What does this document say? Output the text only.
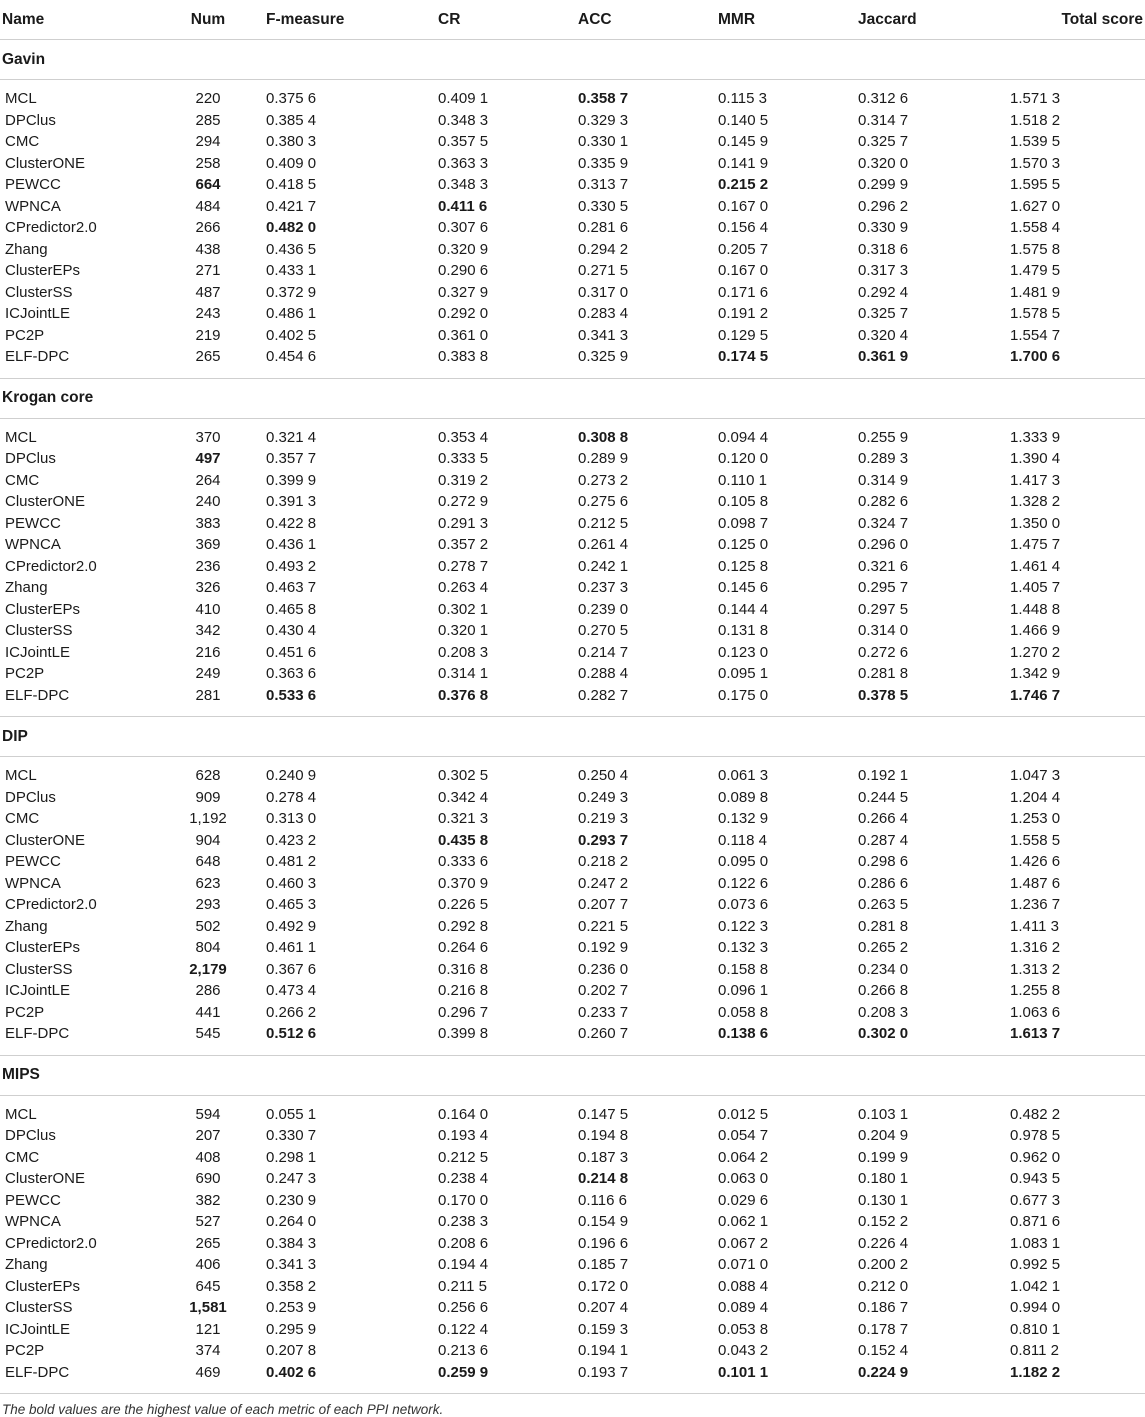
Name	Num	F-measure	CR	ACC	MMR	Jaccard	Total score
Gavin							

MCL	220	0.375 6	0.409 1	0.358 7	0.115 3	0.312 6	1.571 3
DPClus	285	0.385 4	0.348 3	0.329 3	0.140 5	0.314 7	1.518 2
CMC	294	0.380 3	0.357 5	0.330 1	0.145 9	0.325 7	1.539 5
ClusterONE	258	0.409 0	0.363 3	0.335 9	0.141 9	0.320 0	1.570 3
PEWCC	664	0.418 5	0.348 3	0.313 7	0.215 2	0.299 9	1.595 5
WPNCA	484	0.421 7	0.411 6	0.330 5	0.167 0	0.296 2	1.627 0
CPredictor2.0	266	0.482 0	0.307 6	0.281 6	0.156 4	0.330 9	1.558 4
Zhang	438	0.436 5	0.320 9	0.294 2	0.205 7	0.318 6	1.575 8
ClusterEPs	271	0.433 1	0.290 6	0.271 5	0.167 0	0.317 3	1.479 5
ClusterSS	487	0.372 9	0.327 9	0.317 0	0.171 6	0.292 4	1.481 9
ICJointLE	243	0.486 1	0.292 0	0.283 4	0.191 2	0.325 7	1.578 5
PC2P	219	0.402 5	0.361 0	0.341 3	0.129 5	0.320 4	1.554 7
ELF-DPC	265	0.454 6	0.383 8	0.325 9	0.174 5	0.361 9	1.700 6

Krogan core							

MCL	370	0.321 4	0.353 4	0.308 8	0.094 4	0.255 9	1.333 9
DPClus	497	0.357 7	0.333 5	0.289 9	0.120 0	0.289 3	1.390 4
CMC	264	0.399 9	0.319 2	0.273 2	0.110 1	0.314 9	1.417 3
ClusterONE	240	0.391 3	0.272 9	0.275 6	0.105 8	0.282 6	1.328 2
PEWCC	383	0.422 8	0.291 3	0.212 5	0.098 7	0.324 7	1.350 0
WPNCA	369	0.436 1	0.357 2	0.261 4	0.125 0	0.296 0	1.475 7
CPredictor2.0	236	0.493 2	0.278 7	0.242 1	0.125 8	0.321 6	1.461 4
Zhang	326	0.463 7	0.263 4	0.237 3	0.145 6	0.295 7	1.405 7
ClusterEPs	410	0.465 8	0.302 1	0.239 0	0.144 4	0.297 5	1.448 8
ClusterSS	342	0.430 4	0.320 1	0.270 5	0.131 8	0.314 0	1.466 9
ICJointLE	216	0.451 6	0.208 3	0.214 7	0.123 0	0.272 6	1.270 2
PC2P	249	0.363 6	0.314 1	0.288 4	0.095 1	0.281 8	1.342 9
ELF-DPC	281	0.533 6	0.376 8	0.282 7	0.175 0	0.378 5	1.746 7

DIP							

MCL	628	0.240 9	0.302 5	0.250 4	0.061 3	0.192 1	1.047 3
DPClus	909	0.278 4	0.342 4	0.249 3	0.089 8	0.244 5	1.204 4
CMC	1,192	0.313 0	0.321 3	0.219 3	0.132 9	0.266 4	1.253 0
ClusterONE	904	0.423 2	0.435 8	0.293 7	0.118 4	0.287 4	1.558 5
PEWCC	648	0.481 2	0.333 6	0.218 2	0.095 0	0.298 6	1.426 6
WPNCA	623	0.460 3	0.370 9	0.247 2	0.122 6	0.286 6	1.487 6
CPredictor2.0	293	0.465 3	0.226 5	0.207 7	0.073 6	0.263 5	1.236 7
Zhang	502	0.492 9	0.292 8	0.221 5	0.122 3	0.281 8	1.411 3
ClusterEPs	804	0.461 1	0.264 6	0.192 9	0.132 3	0.265 2	1.316 2
ClusterSS	2,179	0.367 6	0.316 8	0.236 0	0.158 8	0.234 0	1.313 2
ICJointLE	286	0.473 4	0.216 8	0.202 7	0.096 1	0.266 8	1.255 8
PC2P	441	0.266 2	0.296 7	0.233 7	0.058 8	0.208 3	1.063 6
ELF-DPC	545	0.512 6	0.399 8	0.260 7	0.138 6	0.302 0	1.613 7

MIPS							

MCL	594	0.055 1	0.164 0	0.147 5	0.012 5	0.103 1	0.482 2
DPClus	207	0.330 7	0.193 4	0.194 8	0.054 7	0.204 9	0.978 5
CMC	408	0.298 1	0.212 5	0.187 3	0.064 2	0.199 9	0.962 0
ClusterONE	690	0.247 3	0.238 4	0.214 8	0.063 0	0.180 1	0.943 5
PEWCC	382	0.230 9	0.170 0	0.116 6	0.029 6	0.130 1	0.677 3
WPNCA	527	0.264 0	0.238 3	0.154 9	0.062 1	0.152 2	0.871 6
CPredictor2.0	265	0.384 3	0.208 6	0.196 6	0.067 2	0.226 4	1.083 1
Zhang	406	0.341 3	0.194 4	0.185 7	0.071 0	0.200 2	0.992 5
ClusterEPs	645	0.358 2	0.211 5	0.172 0	0.088 4	0.212 0	1.042 1
ClusterSS	1,581	0.253 9	0.256 6	0.207 4	0.089 4	0.186 7	0.994 0
ICJointLE	121	0.295 9	0.122 4	0.159 3	0.053 8	0.178 7	0.810 1
PC2P	374	0.207 8	0.213 6	0.194 1	0.043 2	0.152 4	0.811 2
ELF-DPC	469	0.402 6	0.259 9	0.193 7	0.101 1	0.224 9	1.182 2

The bold values are the highest value of each metric of each PPI network.
